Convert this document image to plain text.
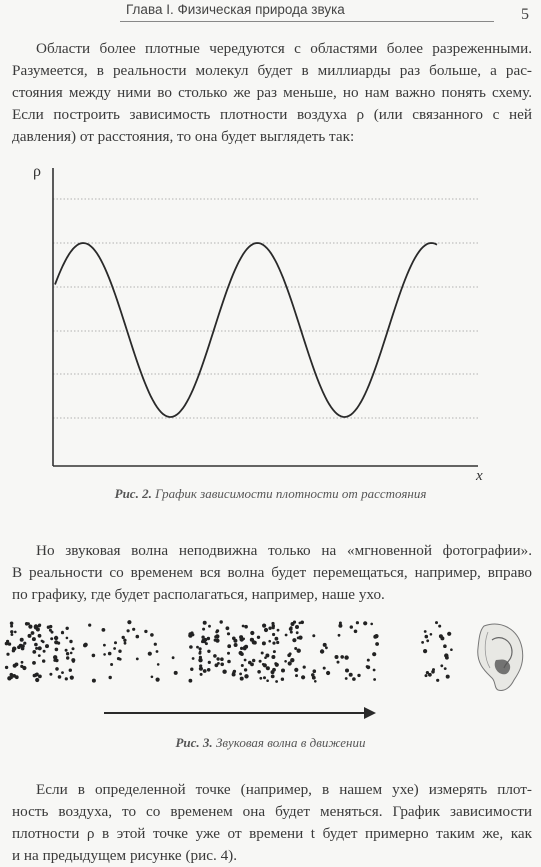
Глава I. Физическая природа звука	5
Области более плотные чередуются с областями более разреженными.
Разумеется, в реальности молекул будет в миллиарды раз больше, а рас-
стояния между ними во столько же раз меньше, но нам важно понять схему.
Если построить зависимость плотности воздуха ρ (или связанного с ней
давления) от расстояния, то она будет выглядеть так:
ρ
x
Рис. 2. График зависимости плотности от расстояния
Но звуковая волна неподвижна только на «мгновенной фотографии».
В реальности со временем вся волна будет перемещаться, например, вправо
по графику, где будет располагаться, например, наше ухо.
Рис. 3. Звуковая волна в движении
Если в определенной точке (например, в нашем ухе) измерять плот-
ность воздуха, то со временем она будет меняться. График зависимости
плотности ρ в этой точке уже от времени t будет примерно таким же, как
и на предыдущем рисунке (рис. 4).
